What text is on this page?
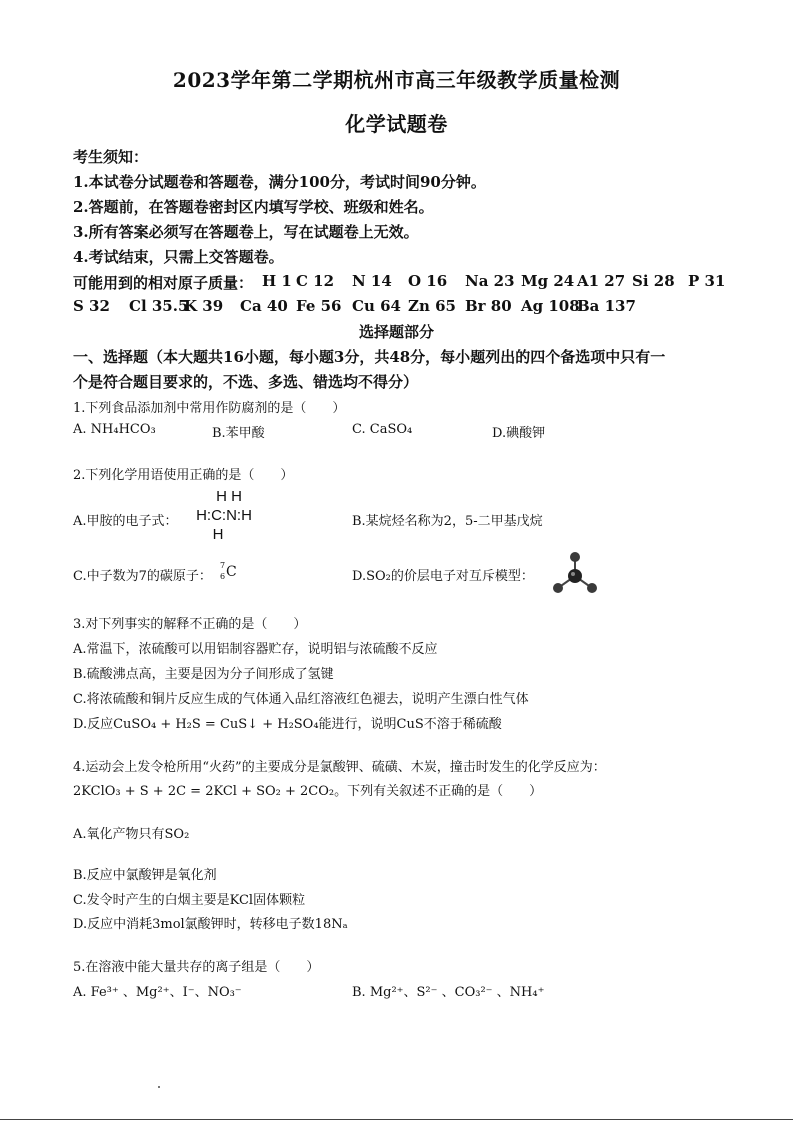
2023学年第二学期杭州市高三年级教学质量检测
化学试题卷
考生须知：
1.本试卷分试题卷和答题卷，满分100分，考试时间90分钟。
2.答题前，在答题卷密封区内填写学校、班级和姓名。
3.所有答案必须写在答题卷上，写在试题卷上无效。
4.考试结束，只需上交答题卷。
可能用到的相对原子质量： H 1 C 12 N 14 O 16 Na 23 Mg 24 A1 27 Si 28 P 31
S 32 Cl 35.5
K 39 Ca 40 Fe 56 Cu 64 Zn 65 Br 80 Ag 108
Ba 137
选择题部分
一、选择题（本大题共16小题，每小题3分，共48分，每小题列出的四个备选项中只有一
个是符合题目要求的，不选、多选、错选均不得分）
1.下列食品添加剂中常用作防腐剂的是（　　）
A. NH₄HCO₃	B.苯甲酸	C. CaSO₄	D.碘酸钾
2.下列化学用语使用正确的是（　　）
A.甲胺的电子式：
H H
H:C:N:H
H
B.某烷烃名称为2，5-二甲基戊烷
C.中子数为7的碳原子：
7
6 C	D.SO₂的价层电子对互斥模型：
3.对下列事实的解释不正确的是（　　）
A.常温下，浓硫酸可以用铝制容器贮存，说明铝与浓硫酸不反应
B.硫酸沸点高，主要是因为分子间形成了氢键
C.将浓硫酸和铜片反应生成的气体通入品红溶液红色褪去，说明产生漂白性气体
D.反应CuSO₄ + H₂S = CuS↓ + H₂SO₄能进行，说明CuS不溶于稀硫酸
4.运动会上发令枪所用“火药”的主要成分是氯酸钾、硫磺、木炭，撞击时发生的化学反应为：
2KClO₃ + S + 2C = 2KCl + SO₂ + 2CO₂。下列有关叙述不正确的是（　　）
A.氧化产物只有SO₂
B.反应中氯酸钾是氧化剂
C.发令时产生的白烟主要是KCl固体颗粒
D.反应中消耗3mol氯酸钾时，转移电子数18Nₐ
5.在溶液中能大量共存的离子组是（　　）
A. Fe³⁺ 、Mg²⁺、I⁻、NO₃⁻	B. Mg²⁺、S²⁻ 、CO₃²⁻ 、NH₄⁺
